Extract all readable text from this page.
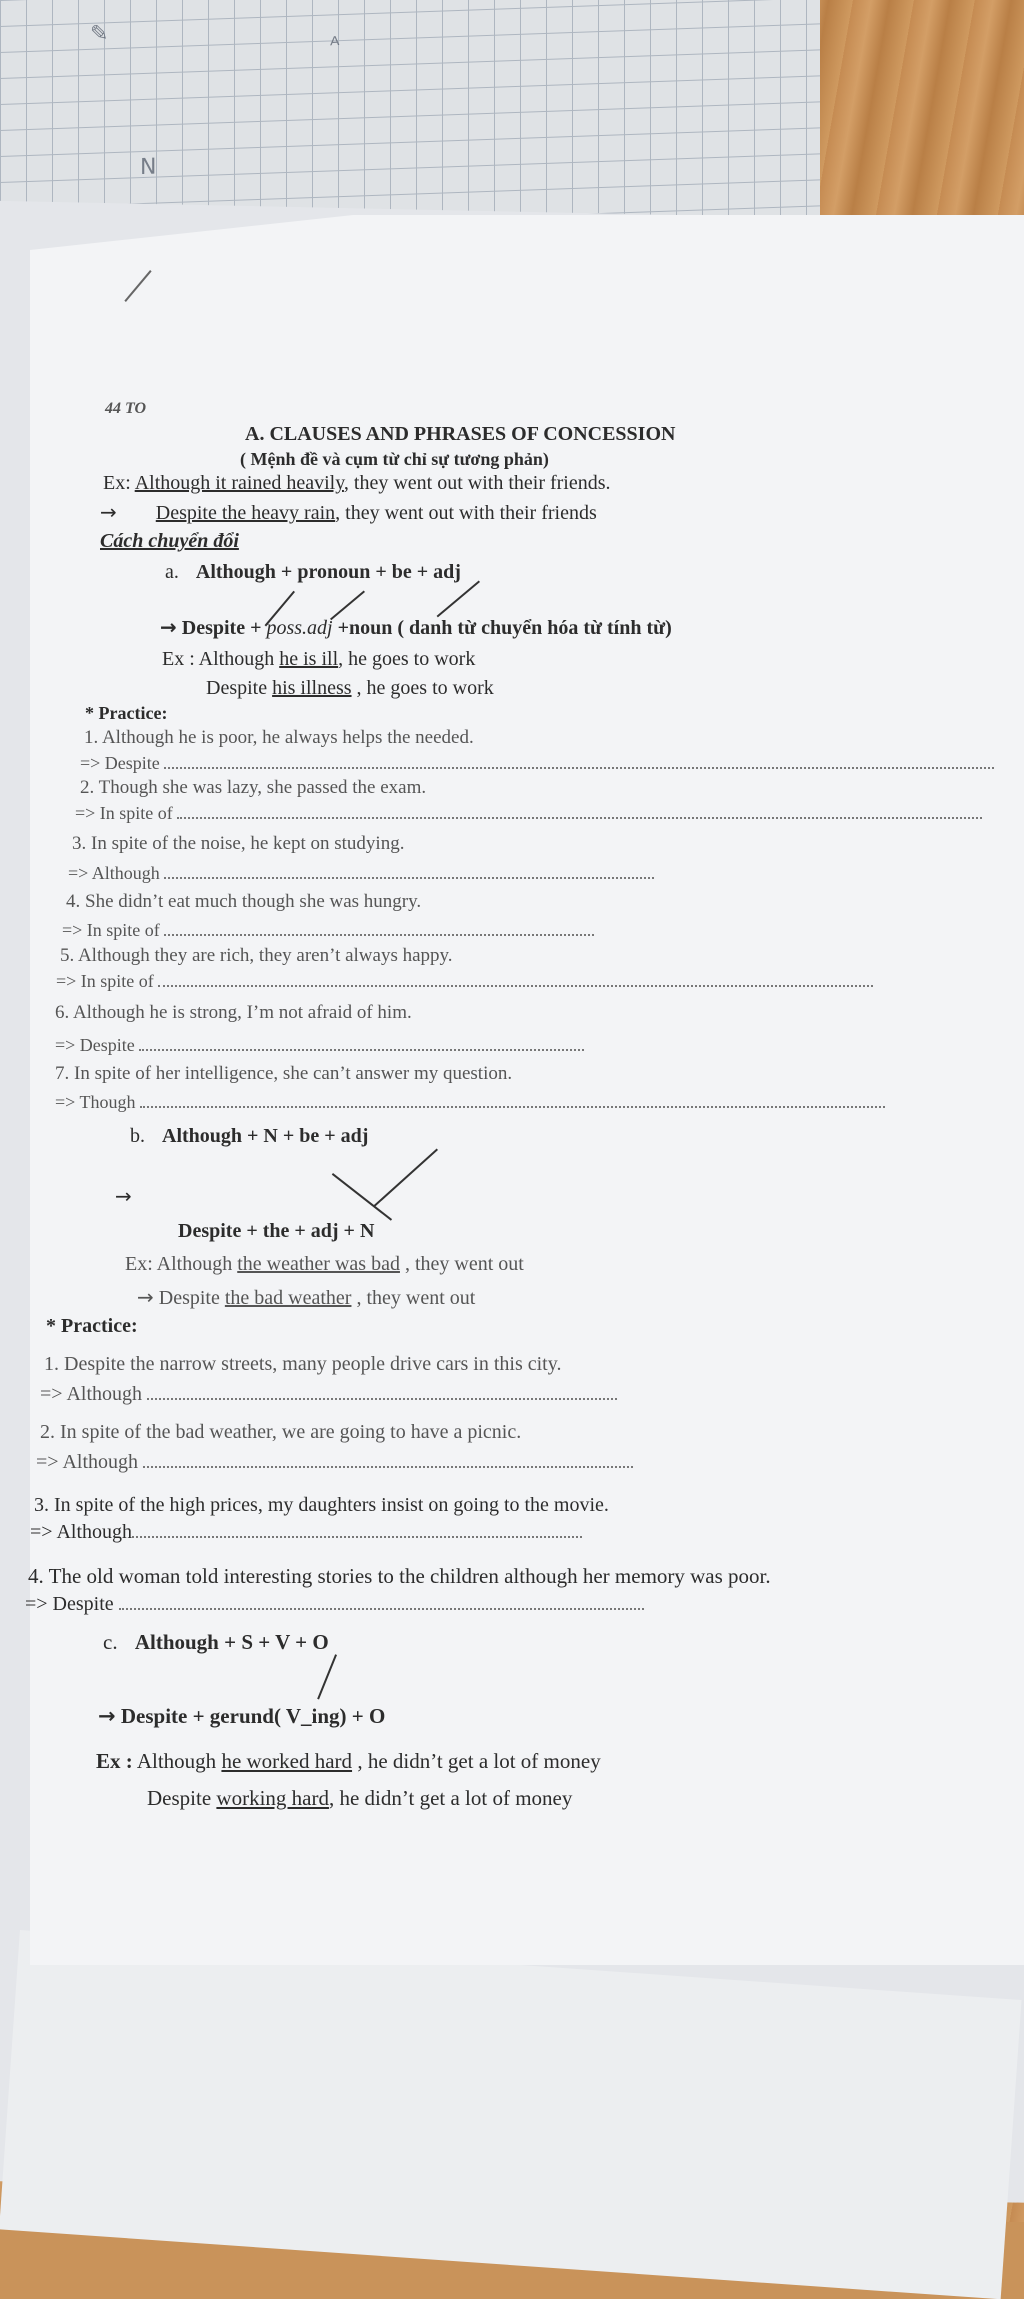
✎	ᴬ
N
44 TO
A. CLAUSES AND PHRASES OF CONCESSION
( Mệnh đề và cụm từ chỉ sự tương phản)
Ex: Although it rained heavily, they went out with their friends.
→ Despite the heavy rain, they went out with their friends
Cách chuyển đổi
a. Although + pronoun + be + adj
→ Despite + poss.adj +noun ( danh từ chuyển hóa từ tính từ)
Ex : Although he is ill, he goes to work
Despite his illness , he goes to work
* Practice:
1. Although he is poor, he always helps the needed.
=> Despite
2. Though she was lazy, she passed the exam.
=> In spite of
3. In spite of the noise, he kept on studying.
=> Although
4. She didn’t eat much though she was hungry.
=> In spite of
5. Although they are rich, they aren’t always happy.
=> In spite of
6. Although he is strong, I’m not afraid of him.
=> Despite
7. In spite of her intelligence, she can’t answer my question.
=> Though
b. Although + N + be + adj
→
Despite + the + adj + N
Ex: Although the weather was bad , they went out
→ Despite the bad weather , they went out
* Practice:
1. Despite the narrow streets, many people drive cars in this city.
=> Although
2. In spite of the bad weather, we are going to have a picnic.
=> Although
3. In spite of the high prices, my daughters insist on going to the movie.
=> Although
4. The old woman told interesting stories to the children although her memory was poor.
=> Despite
c. Although + S + V + O
→ Despite + gerund( V_ing) + O
Ex : Although he worked hard , he didn’t get a lot of money
Despite working hard, he didn’t get a lot of money
